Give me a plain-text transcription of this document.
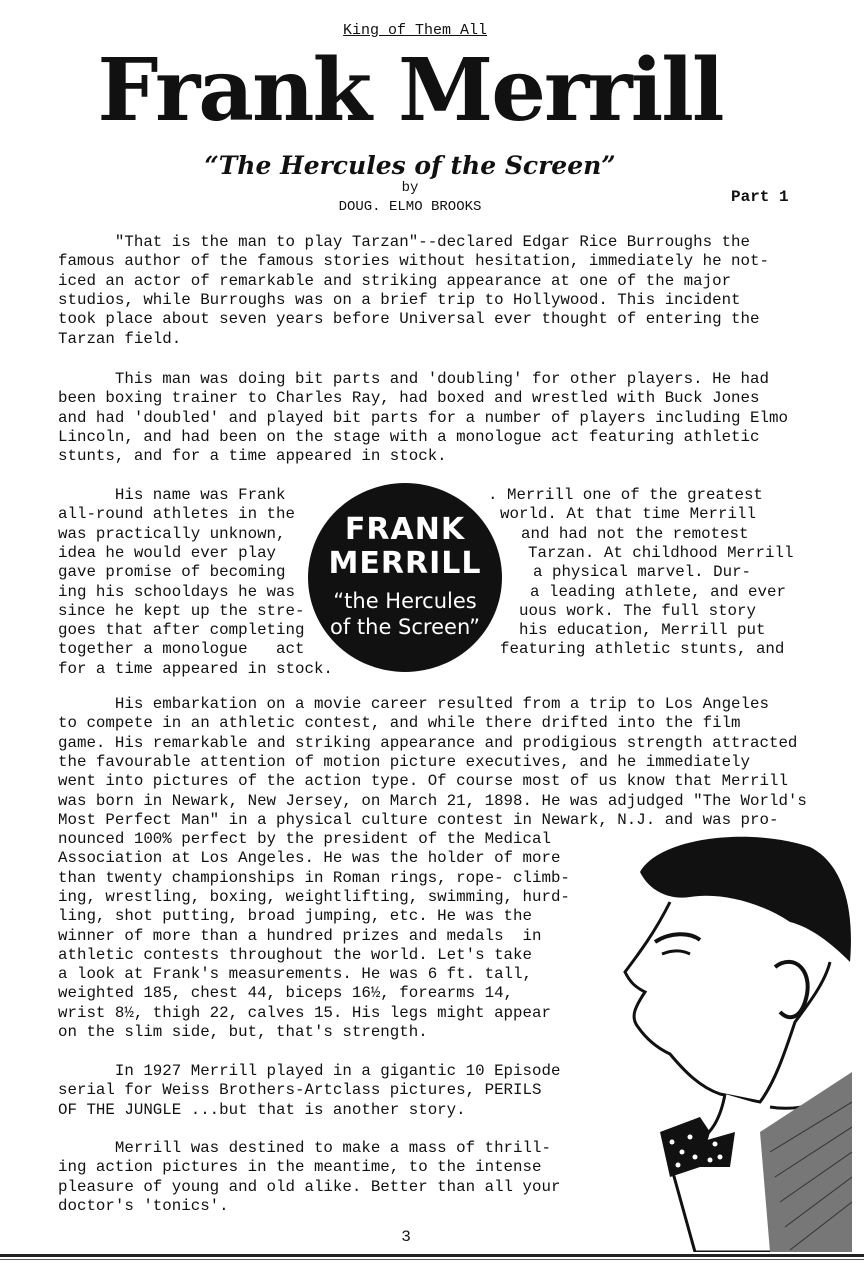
King of Them All
Frank Merrill
“The Hercules of the Screen”
by
DOUG. ELMO BROOKS
Part 1
"That is the man to play Tarzan"--declared Edgar Rice Burroughs the
famous author of the famous stories without hesitation, immediately he not-
iced an actor of remarkable and striking appearance at one of the major
studios, while Burroughs was on a brief trip to Hollywood. This incident
took place about seven years before Universal ever thought of entering the
Tarzan field.
This man was doing bit parts and 'doubling' for other players. He had
been boxing trainer to Charles Ray, had boxed and wrestled with Buck Jones
and had 'doubled' and played bit parts for a number of players including Elmo
Lincoln, and had been on the stage with a monologue act featuring athletic
stunts, and for a time appeared in stock.
His name was Frank
all-round athletes in the
was practically unknown,
idea he would ever play
gave promise of becoming
ing his schooldays he was
since he kept up the stre-
goes that after completing
together a monologue   act
for a time appeared in stock.
. Merrill one of the greatest
world. At that time Merrill
and had not the remotest
Tarzan. At childhood Merrill
a physical marvel. Dur-
a leading athlete, and ever
uous work. The full story
his education, Merrill put
featuring athletic stunts, and
His embarkation on a movie career resulted from a trip to Los Angeles
to compete in an athletic contest, and while there drifted into the film
game. His remarkable and striking appearance and prodigious strength attracted
the favourable attention of motion picture executives, and he immediately
went into pictures of the action type. Of course most of us know that Merrill
was born in Newark, New Jersey, on March 21, 1898. He was adjudged "The World's
Most Perfect Man" in a physical culture contest in Newark, N.J. and was pro-
nounced 100% perfect by the president of the Medical
Association at Los Angeles. He was the holder of more
than twenty championships in Roman rings, rope- climb-
ing, wrestling, boxing, weightlifting, swimming, hurd-
ling, shot putting, broad jumping, etc. He was the
winner of more than a hundred prizes and medals  in
athletic contests throughout the world. Let's take
a look at Frank's measurements. He was 6 ft. tall,
weighted 185, chest 44, biceps 16½, forearms 14,
wrist 8½, thigh 22, calves 15. His legs might appear
on the slim side, but, that's strength.
In 1927 Merrill played in a gigantic 10 Episode
serial for Weiss Brothers-Artclass pictures, PERILS
OF THE JUNGLE ...but that is another story.
Merrill was destined to make a mass of thrill-
ing action pictures in the meantime, to the intense
pleasure of young and old alike. Better than all your
doctor's 'tonics'.
FRANK
MERRILL
“the Hercules
of the Screen”
3
